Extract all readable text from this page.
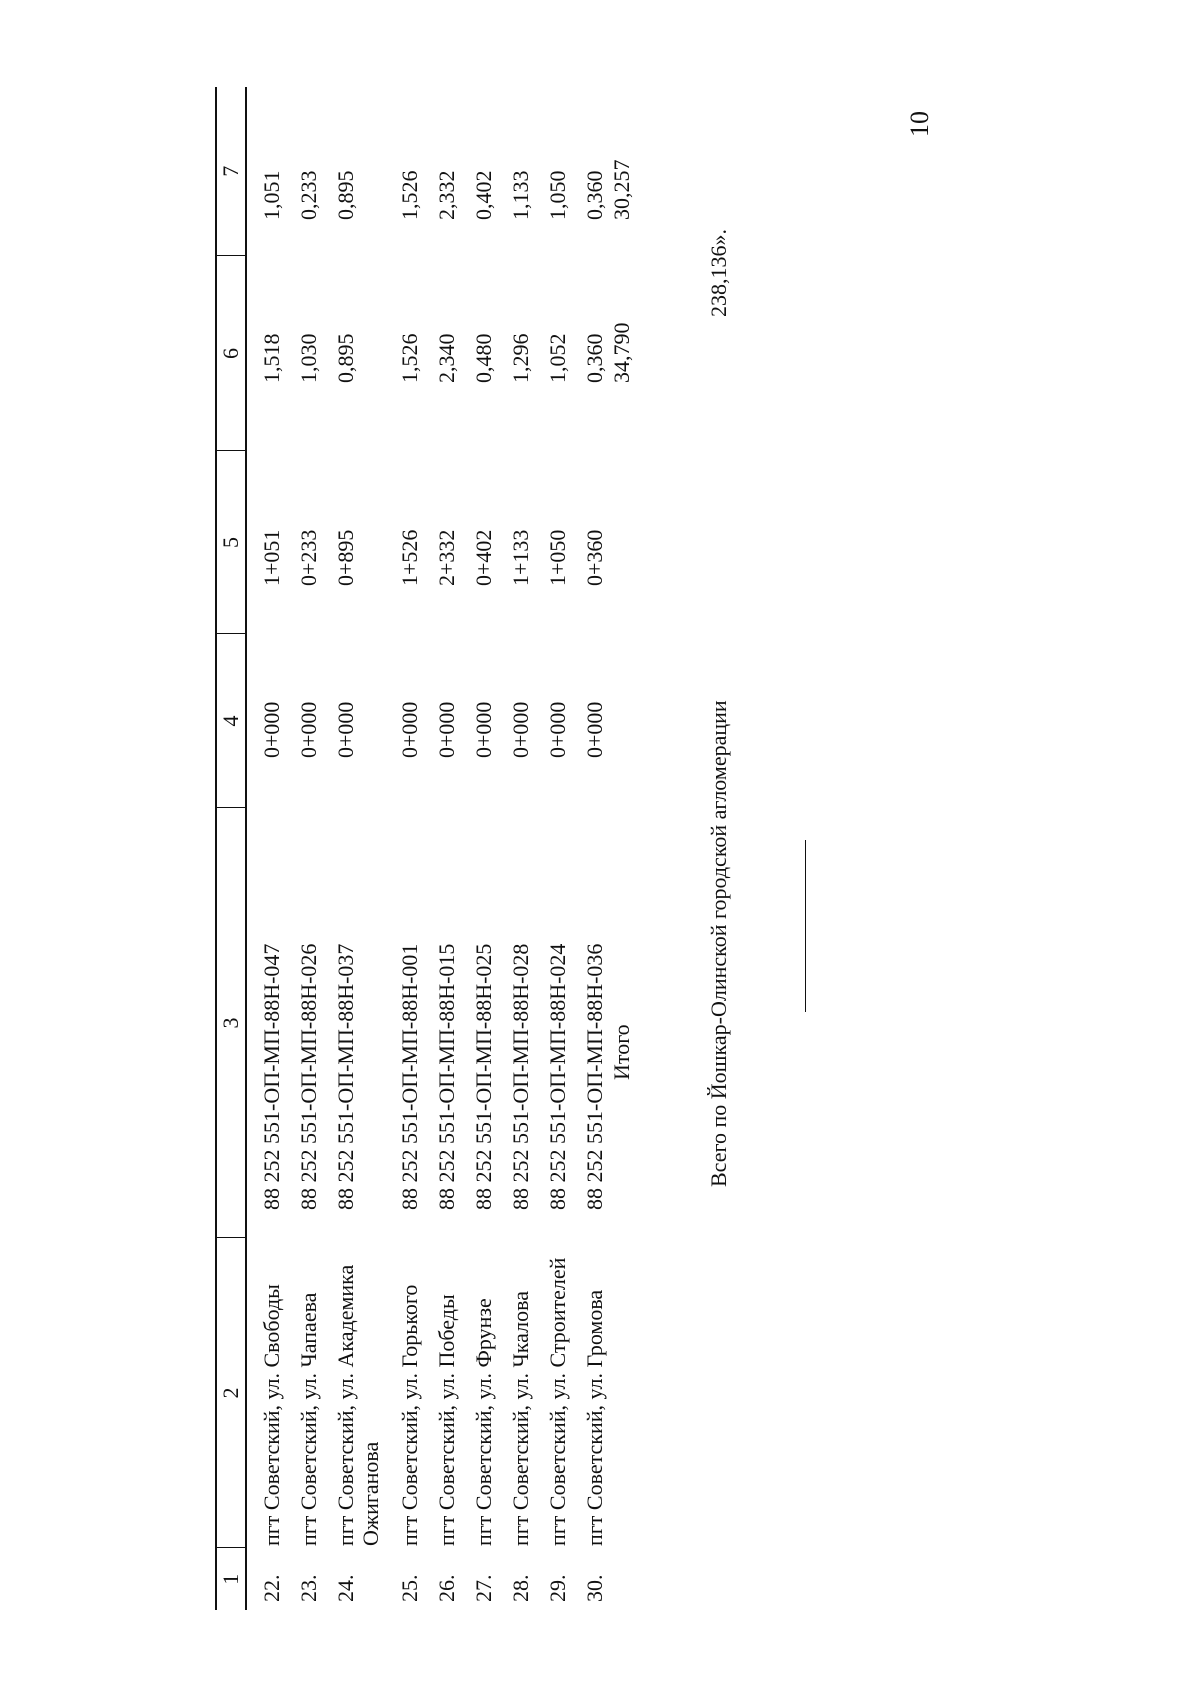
10
1	2	3	4	5	6	7
22.	пгт Советский, ул. Свободы	88 252 551-ОП-МП-88Н-047	0+000	1+051	1,518	1,051
23.	пгт Советский, ул. Чапаева	88 252 551-ОП-МП-88Н-026	0+000	0+233	1,030	0,233
24.	пгт Советский, ул. Академика Ожиганова	88 252 551-ОП-МП-88Н-037	0+000	0+895	0,895	0,895
25.	пгт Советский, ул. Горького	88 252 551-ОП-МП-88Н-001	0+000	1+526	1,526	1,526
26.	пгт Советский, ул. Победы	88 252 551-ОП-МП-88Н-015	0+000	2+332	2,340	2,332
27.	пгт Советский, ул. Фрунзе	88 252 551-ОП-МП-88Н-025	0+000	0+402	0,480	0,402
28.	пгт Советский, ул. Чкалова	88 252 551-ОП-МП-88Н-028	0+000	1+133	1,296	1,133
29.	пгт Советский, ул. Строителей	88 252 551-ОП-МП-88Н-024	0+000	1+050	1,052	1,050
30.	пгт Советский, ул. Громова	88 252 551-ОП-МП-88Н-036	0+000	0+360	0,360	0,360
		Итого			34,790	30,257
Всего по Йошкар-Олинской городской агломерации
238,136».
